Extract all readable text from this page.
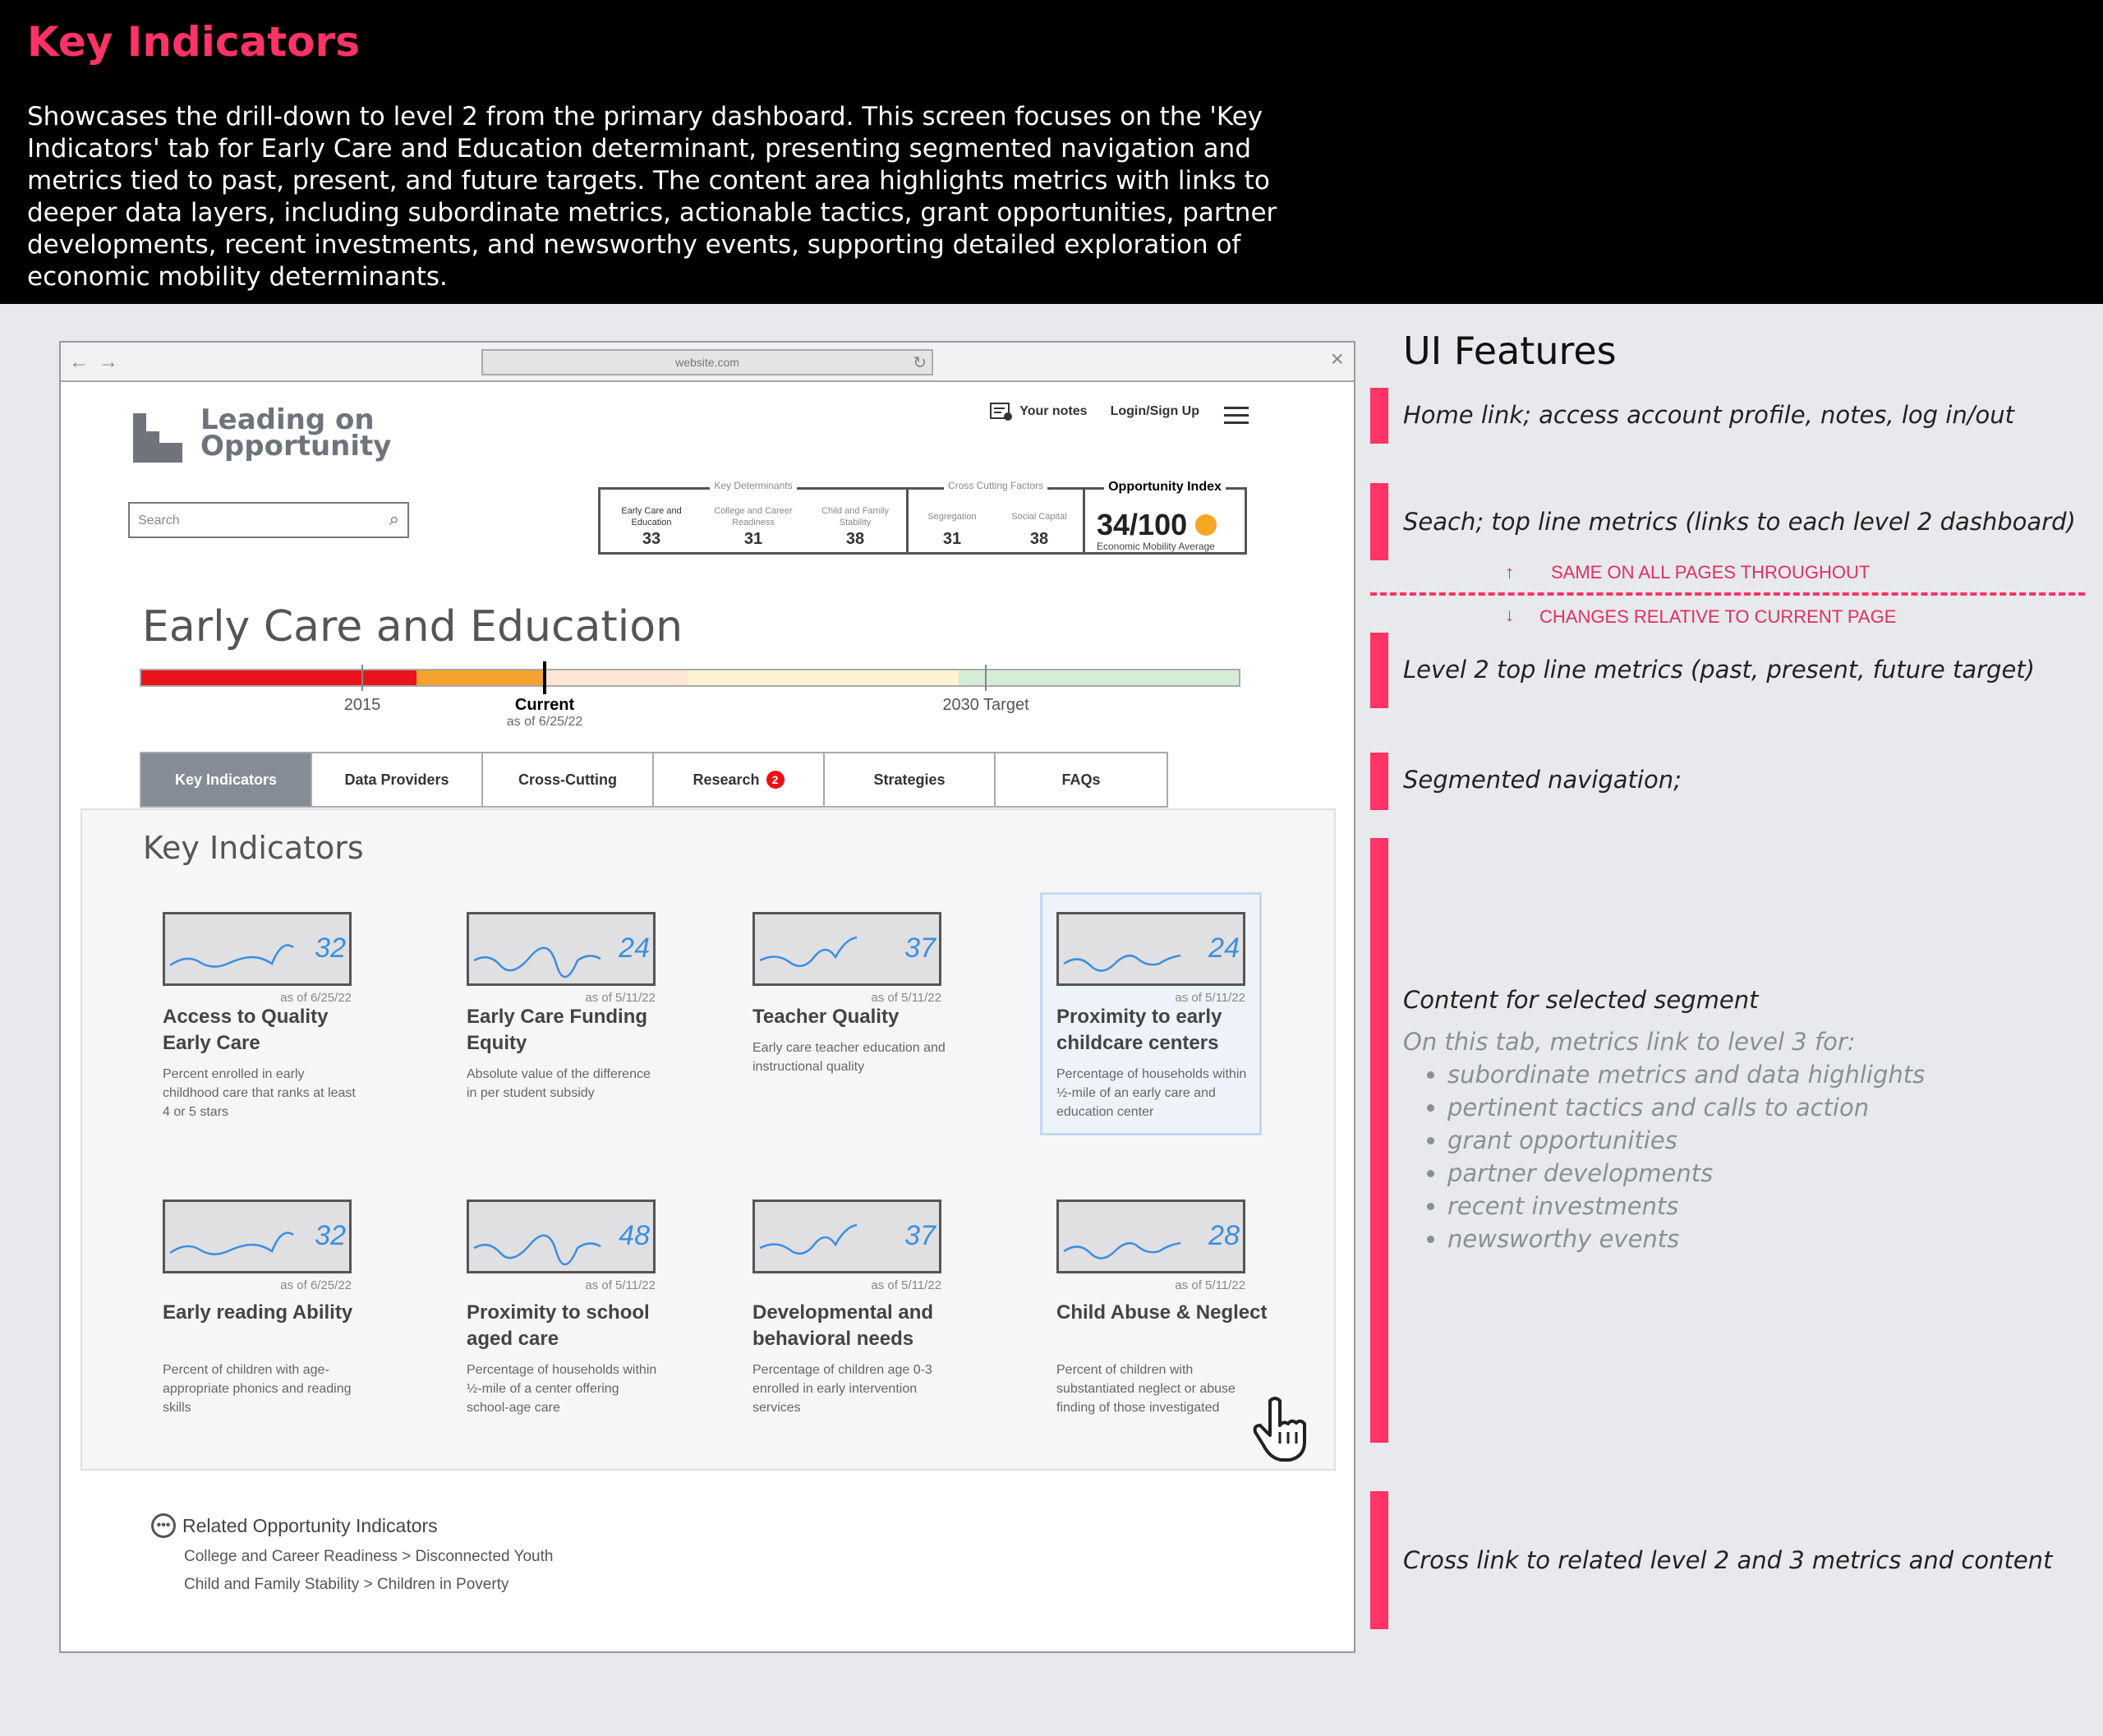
Key Indicators

Showcases the drill-down to level 2 from the primary dashboard. This screen focuses on the 'Key Indicators' tab for Early Care and Education determinant, presenting segmented navigation and metrics tied to past, present, and future targets. The content area highlights metrics with links to deeper data layers, including subordinate metrics, actionable tactics, grant opportunities, partner developments, recent investments, and newsworthy events, supporting detailed exploration of economic mobility determinants.

← →	website.com	↻	×
Leading on
Opportunity
Your notes Login/Sign Up
Search	⌕
Key Determinants
Early Care and Education
33
College and Career Readiness
31
Child and Family Stability
38
Cross Cutting Factors
Segregation
31
Social Capital
38
Opportunity Index
34/100
Economic Mobility Average
Early Care and Education
2015	Current
as of 6/25/22
2030 Target
Key Indicators	Data Providers	Cross-Cutting	Research	2	Strategies	FAQs
Key Indicators
32
as of 6/25/22
Access to Quality Early Care
Percent enrolled in early childhood care that ranks at least 4 or 5 stars
24
as of 5/11/22
Early Care Funding Equity
Absolute value of the difference in per student subsidy
37
as of 5/11/22
Teacher Quality
Early care teacher education and instructional quality
24
as of 5/11/22
Proximity to early childcare centers
Percentage of households within ½-mile of an early care and education center
32
as of 6/25/22
Early reading Ability
Percent of children with age-appropriate phonics and reading skills
48
as of 5/11/22
Proximity to school aged care
Percentage of households within ½-mile of a center offering school-age care
37
as of 5/11/22
Developmental and behavioral needs
Percentage of children age 0-3 enrolled in early intervention services
28
as of 5/11/22
Child Abuse & Neglect
Percent of children with substantiated neglect or abuse finding of those investigated
••• Related Opportunity Indicators
College and Career Readiness > Disconnected Youth
Child and Family Stability > Children in Poverty
UI Features
Home link; access account profile, notes, log in/out
Seach; top line metrics (links to each level 2 dashboard)
↑ SAME ON ALL PAGES THROUGHOUT
↓ CHANGES RELATIVE TO CURRENT PAGE
Level 2 top line metrics (past, present, future target)
Segmented navigation;
Content for selected segment
On this tab, metrics link to level 3 for:
• subordinate metrics and data highlights
• pertinent tactics and calls to action
• grant opportunities
• partner developments
• recent investments
• newsworthy events
Cross link to related level 2 and 3 metrics and content
